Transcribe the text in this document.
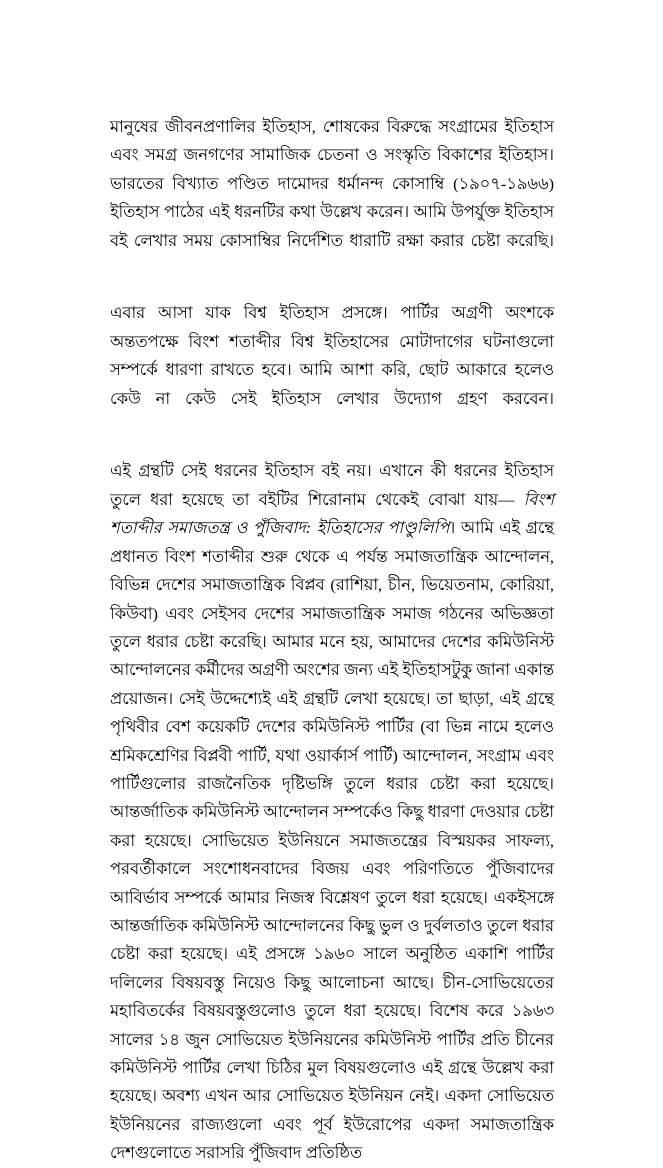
মানুষের জীবনপ্রণালির ইতিহাস, শোষকের বিরুদ্ধে সংগ্রামের ইতিহাস এবং সমগ্র জনগণের সামাজিক চেতনা ও সংস্কৃতি বিকাশের ইতিহাস। ভারতের বিখ্যাত পণ্ডিত দামোদর ধর্মানন্দ কোসাম্বি (১৯০৭-১৯৬৬) ইতিহাস পাঠের এই ধরনটির কথা উল্লেখ করেন। আমি উপর্যুক্ত ইতিহাস বই লেখার সময় কোসাম্বির নির্দেশিত ধারাটি রক্ষা করার চেষ্টা করেছি।

এবার আসা যাক বিশ্ব ইতিহাস প্রসঙ্গে। পার্টির অগ্রণী অংশকে অন্ততপক্ষে বিংশ শতাব্দীর বিশ্ব ইতিহাসের মোটাদাগের ঘটনাগুলো সম্পর্কে ধারণা রাখতে হবে। আমি আশা করি, ছোট আকারে হলেও কেউ না কেউ সেই ইতিহাস লেখার উদ্যোগ গ্রহণ করবেন।

এই গ্রন্থটি সেই ধরনের ইতিহাস বই নয়। এখানে কী ধরনের ইতিহাস তুলে ধরা হয়েছে তা বইটির শিরোনাম থেকেই বোঝা যায়— বিংশ শতাব্দীর সমাজতন্ত্র ও পুঁজিবাদ: ইতিহাসের পাণ্ডুলিপি। আমি এই গ্রন্থে প্রধানত বিংশ শতাব্দীর শুরু থেকে এ পর্যন্ত সমাজতান্ত্রিক আন্দোলন, বিভিন্ন দেশের সমাজতান্ত্রিক বিপ্লব (রাশিয়া, চীন, ভিয়েতনাম, কোরিয়া, কিউবা) এবং সেইসব দেশের সমাজতান্ত্রিক সমাজ গঠনের অভিজ্ঞতা তুলে ধরার চেষ্টা করেছি। আমার মনে হয়, আমাদের দেশের কমিউনিস্ট আন্দোলনের কর্মীদের অগ্রণী অংশের জন্য এই ইতিহাসটুকু জানা একান্ত প্রয়োজন। সেই উদ্দেশ্যেই এই গ্রন্থটি লেখা হয়েছে। তা ছাড়া, এই গ্রন্থে পৃথিবীর বেশ কয়েকটি দেশের কমিউনিস্ট পার্টির (বা ভিন্ন নামে হলেও শ্রমিকশ্রেণির বিপ্লবী পার্টি, যথা ওয়ার্কার্স পার্টি) আন্দোলন, সংগ্রাম এবং পার্টিগুলোর রাজনৈতিক দৃষ্টিভঙ্গি তুলে ধরার চেষ্টা করা হয়েছে। আন্তর্জাতিক কমিউনিস্ট আন্দোলন সম্পর্কেও কিছু ধারণা দেওয়ার চেষ্টা করা হয়েছে। সোভিয়েত ইউনিয়নে সমাজতন্ত্রের বিস্ময়কর সাফল্য, পরবর্তীকালে সংশোধনবাদের বিজয় এবং পরিণতিতে পুঁজিবাদের আবির্ভাব সম্পর্কে আমার নিজস্ব বিশ্লেষণ তুলে ধরা হয়েছে। একইসঙ্গে আন্তর্জাতিক কমিউনিস্ট আন্দোলনের কিছু ভুল ও দুর্বলতাও তুলে ধরার চেষ্টা করা হয়েছে। এই প্রসঙ্গে ১৯৬০ সালে অনুষ্ঠিত একাশি পার্টির দলিলের বিষয়বস্তু নিয়েও কিছু আলোচনা আছে। চীন-সোভিয়েতের মহাবিতর্কের বিষয়বস্তুগুলোও তুলে ধরা হয়েছে। বিশেষ করে ১৯৬৩ সালের ১৪ জুন সোভিয়েত ইউনিয়নের কমিউনিস্ট পার্টির প্রতি চীনের কমিউনিস্ট পার্টির লেখা চিঠির মুল বিষয়গুলোও এই গ্রন্থে উল্লেখ করা হয়েছে। অবশ্য এখন আর সোভিয়েত ইউনিয়ন নেই। একদা সোভিয়েত ইউনিয়নের রাজ্যগুলো এবং পূর্ব ইউরোপের একদা সমাজতান্ত্রিক দেশগুলোতে সরাসরি পুঁজিবাদ প্রতিষ্ঠিত
